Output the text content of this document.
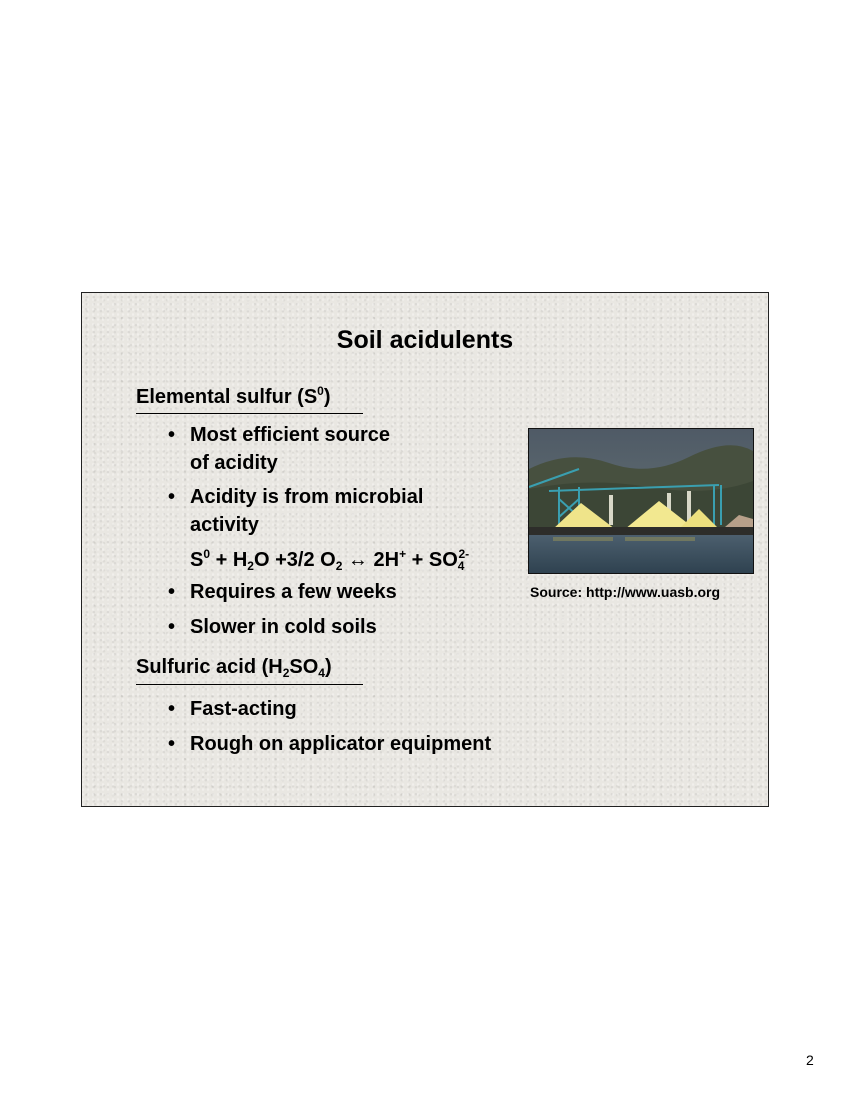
Soil acidulents
Elemental sulfur $(S^0)$
• Most efficient source
of acidity
• Acidity is from microbial
activity
$S^0 + H_2O +3/2$ $O_2$ ↔ $2H^+ + SO_4^{2-}$
• Requires a few weeks
• Slower in cold soils
Sulfuric acid $(H_2SO_4)$
• Fast-acting
• Rough on applicator equipment
Source: http://www.uasb.org
2
